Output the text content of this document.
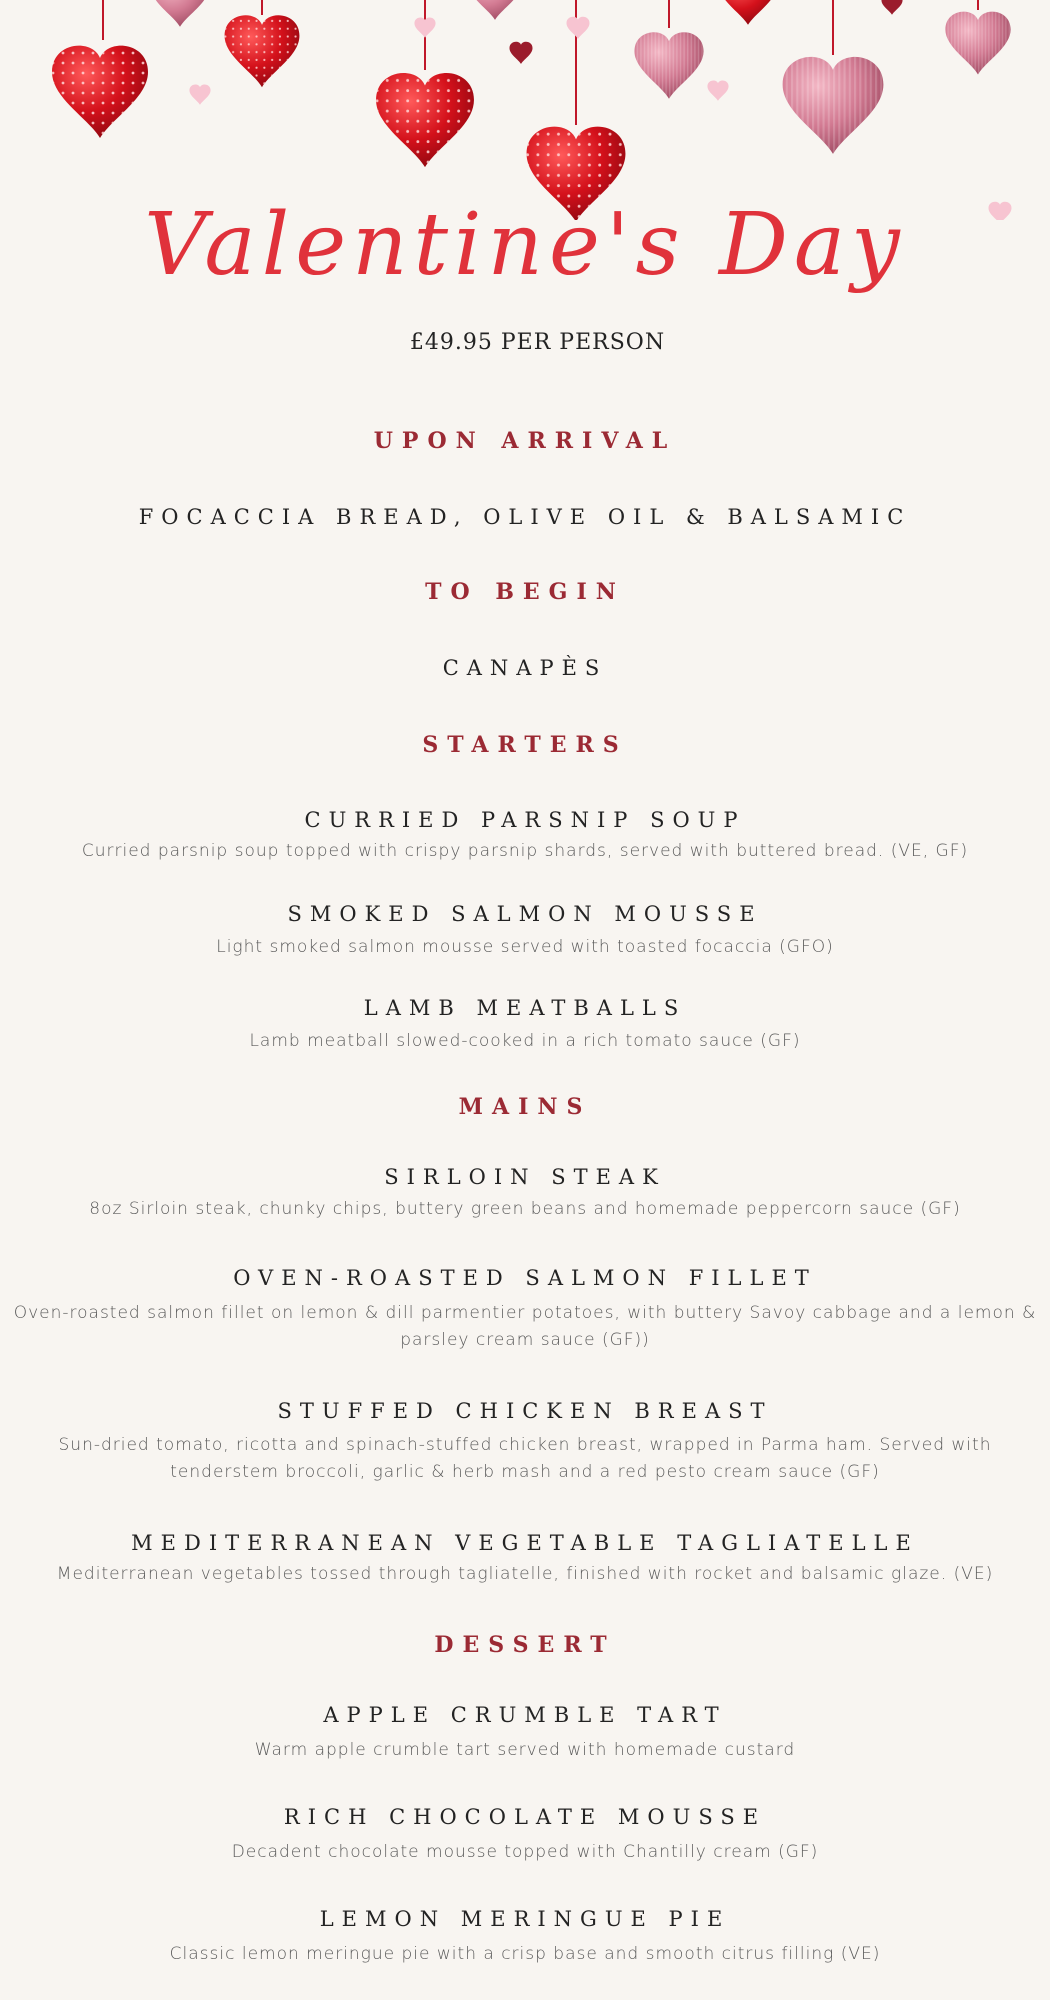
Valentine's Day
£49.95 PER PERSON
UPON ARRIVAL
FOCACCIA BREAD, OLIVE OIL & BALSAMIC
TO BEGIN
CANAPÈS
STARTERS
CURRIED PARSNIP SOUP
Curried parsnip soup topped with crispy parsnip shards, served with buttered bread. (VE, GF)
SMOKED SALMON MOUSSE
Light smoked salmon mousse served with toasted focaccia (GFO)
LAMB MEATBALLS
Lamb meatball slowed-cooked in a rich tomato sauce (GF)
MAINS
SIRLOIN STEAK
8oz Sirloin steak, chunky chips, buttery green beans and homemade peppercorn sauce (GF)
OVEN-ROASTED SALMON FILLET
Oven-roasted salmon fillet on lemon & dill parmentier potatoes, with buttery Savoy cabbage and a lemon & parsley cream sauce (GF))
STUFFED CHICKEN BREAST
Sun-dried tomato, ricotta and spinach-stuffed chicken breast, wrapped in Parma ham. Served with tenderstem broccoli, garlic & herb mash and a red pesto cream sauce (GF)
MEDITERRANEAN VEGETABLE TAGLIATELLE
Mediterranean vegetables tossed through tagliatelle, finished with rocket and balsamic glaze. (VE)
DESSERT
APPLE CRUMBLE TART
Warm apple crumble tart served with homemade custard
RICH CHOCOLATE MOUSSE
Decadent chocolate mousse topped with Chantilly cream (GF)
LEMON MERINGUE PIE
Classic lemon meringue pie with a crisp base and smooth citrus filling (VE)
